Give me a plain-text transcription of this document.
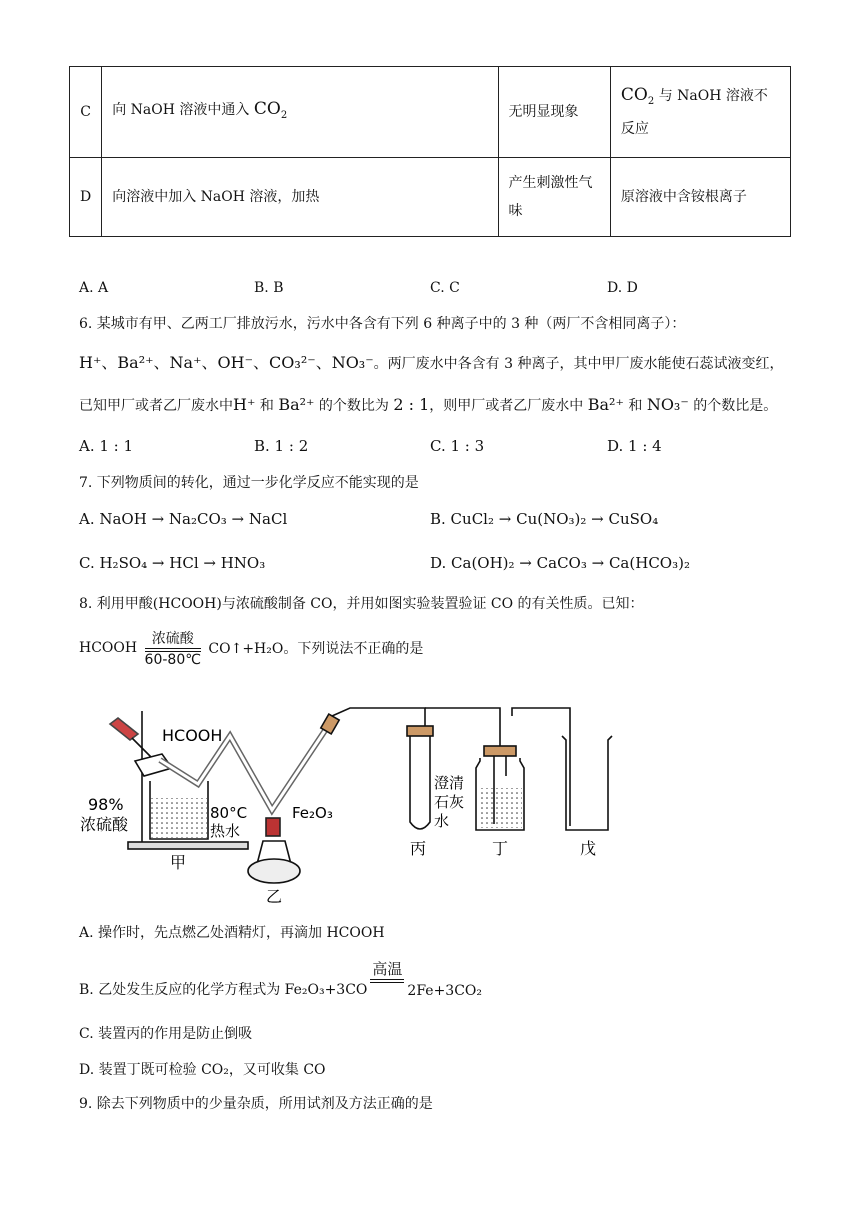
C	向 NaOH 溶液中通入 $CO_2$	无明显现象	$CO_2$ 与 NaOH 溶液不反应
D	向溶液中加入 NaOH 溶液，加热	产生刺激性气味	原溶液中含铵根离子
A. A	B. B	C. C	D. D
6. 某城市有甲、乙两工厂排放污水，污水中各含有下列 6 种离子中的 3 种（两厂不含相同离子）：
H⁺、Ba²⁺、Na⁺、OH⁻、CO₃²⁻、NO₃⁻。两厂废水中各含有 3 种离子，其中甲厂废水能使石蕊试液变红，
已知甲厂或者乙厂废水中H⁺ 和 Ba²⁺ 的个数比为 2 : 1，则甲厂或者乙厂废水中 Ba²⁺ 和 NO₃⁻ 的个数比是。
A. 1 : 1	B. 1 : 2	C. 1 : 3	D. 1 : 4
7. 下列物质间的转化，通过一步化学反应不能实现的是
A. NaOH → Na₂CO₃ → NaCl	B. CuCl₂ → Cu(NO₃)₂ → CuSO₄
C. H₂SO₄ → HCl → HNO₃	D. Ca(OH)₂ → CaCO₃ → Ca(HCO₃)₂
8. 利用甲酸(HCOOH)与浓硫酸制备 CO，并用如图实验装置验证 CO 的有关性质。已知：
HCOOH $\frac{\text{浓硫酸}}{60-80℃}$ CO↑+H₂O。下列说法不正确的是
HCOOH
98%
浓硫酸
80°C
热水
Fe₂O₃
甲
乙
丙	丁	戊
澄清
石灰
水
A. 操作时，先点燃乙处酒精灯，再滴加 HCOOH
B. 乙处发生反应的化学方程式为 Fe₂O₃+3CO
高温

2Fe+3CO₂
C. 装置丙的作用是防止倒吸
D. 装置丁既可检验 CO₂，又可收集 CO
9. 除去下列物质中的少量杂质，所用试剂及方法正确的是
